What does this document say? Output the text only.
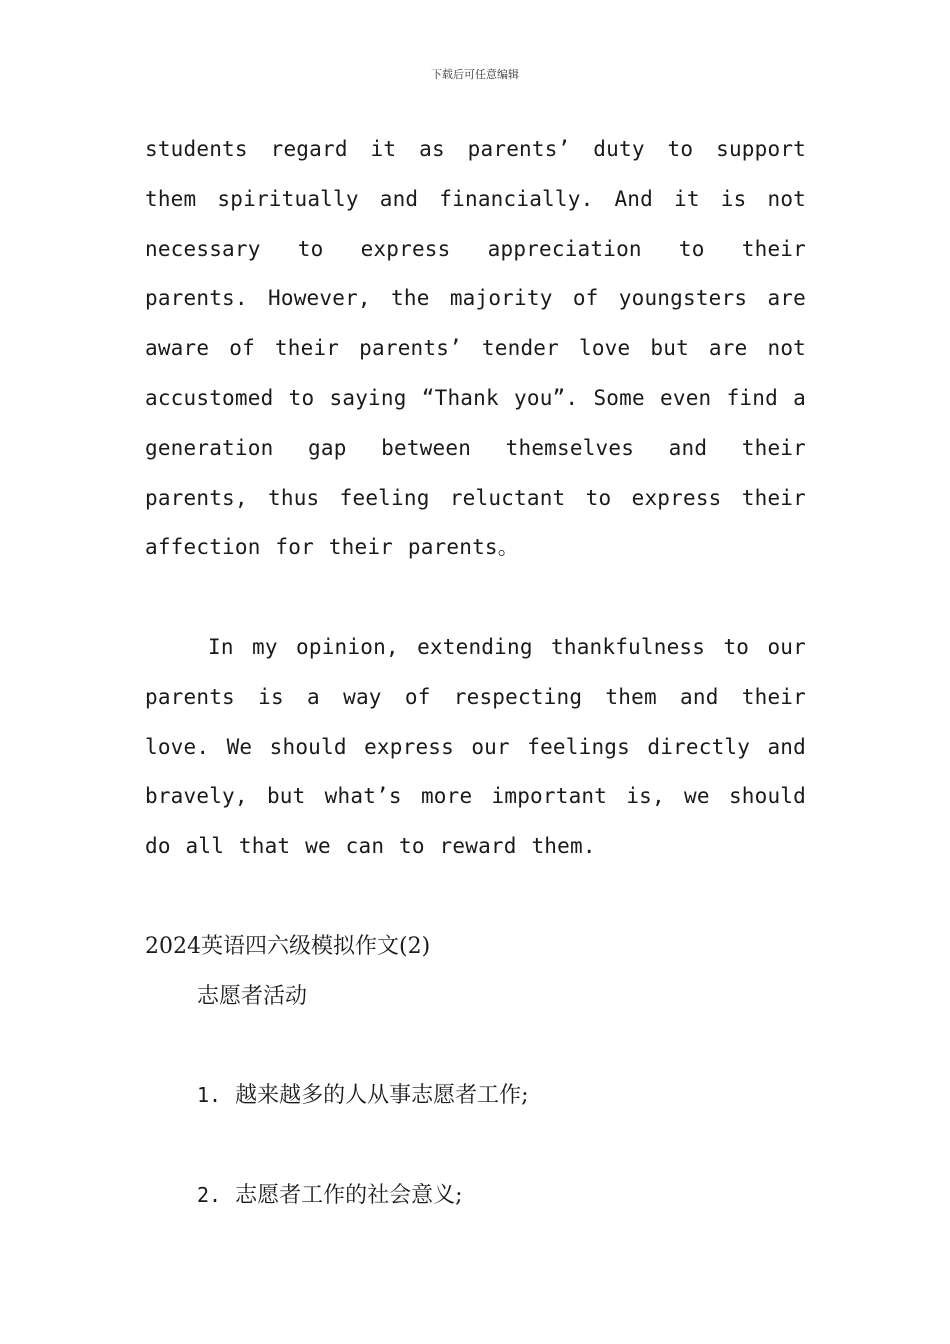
下载后可任意编辑

students regard it as parents’ duty to support them spiritually and financially. And it is not necessary to express appreciation to their parents. However, the majority of youngsters are aware of their parents’ tender love but are not accustomed to saying “Thank you”. Some even find a generation gap between themselves and their parents, thus feeling reluctant to express their affection for their parents。

In my opinion, extending thankfulness to our parents is a way of respecting them and their love. We should express our feelings directly and bravely, but what’s more important is, we should do all that we can to reward them.

2024英语四六级模拟作文(2)

志愿者活动

1. 越来越多的人从事志愿者工作;

2. 志愿者工作的社会意义;
